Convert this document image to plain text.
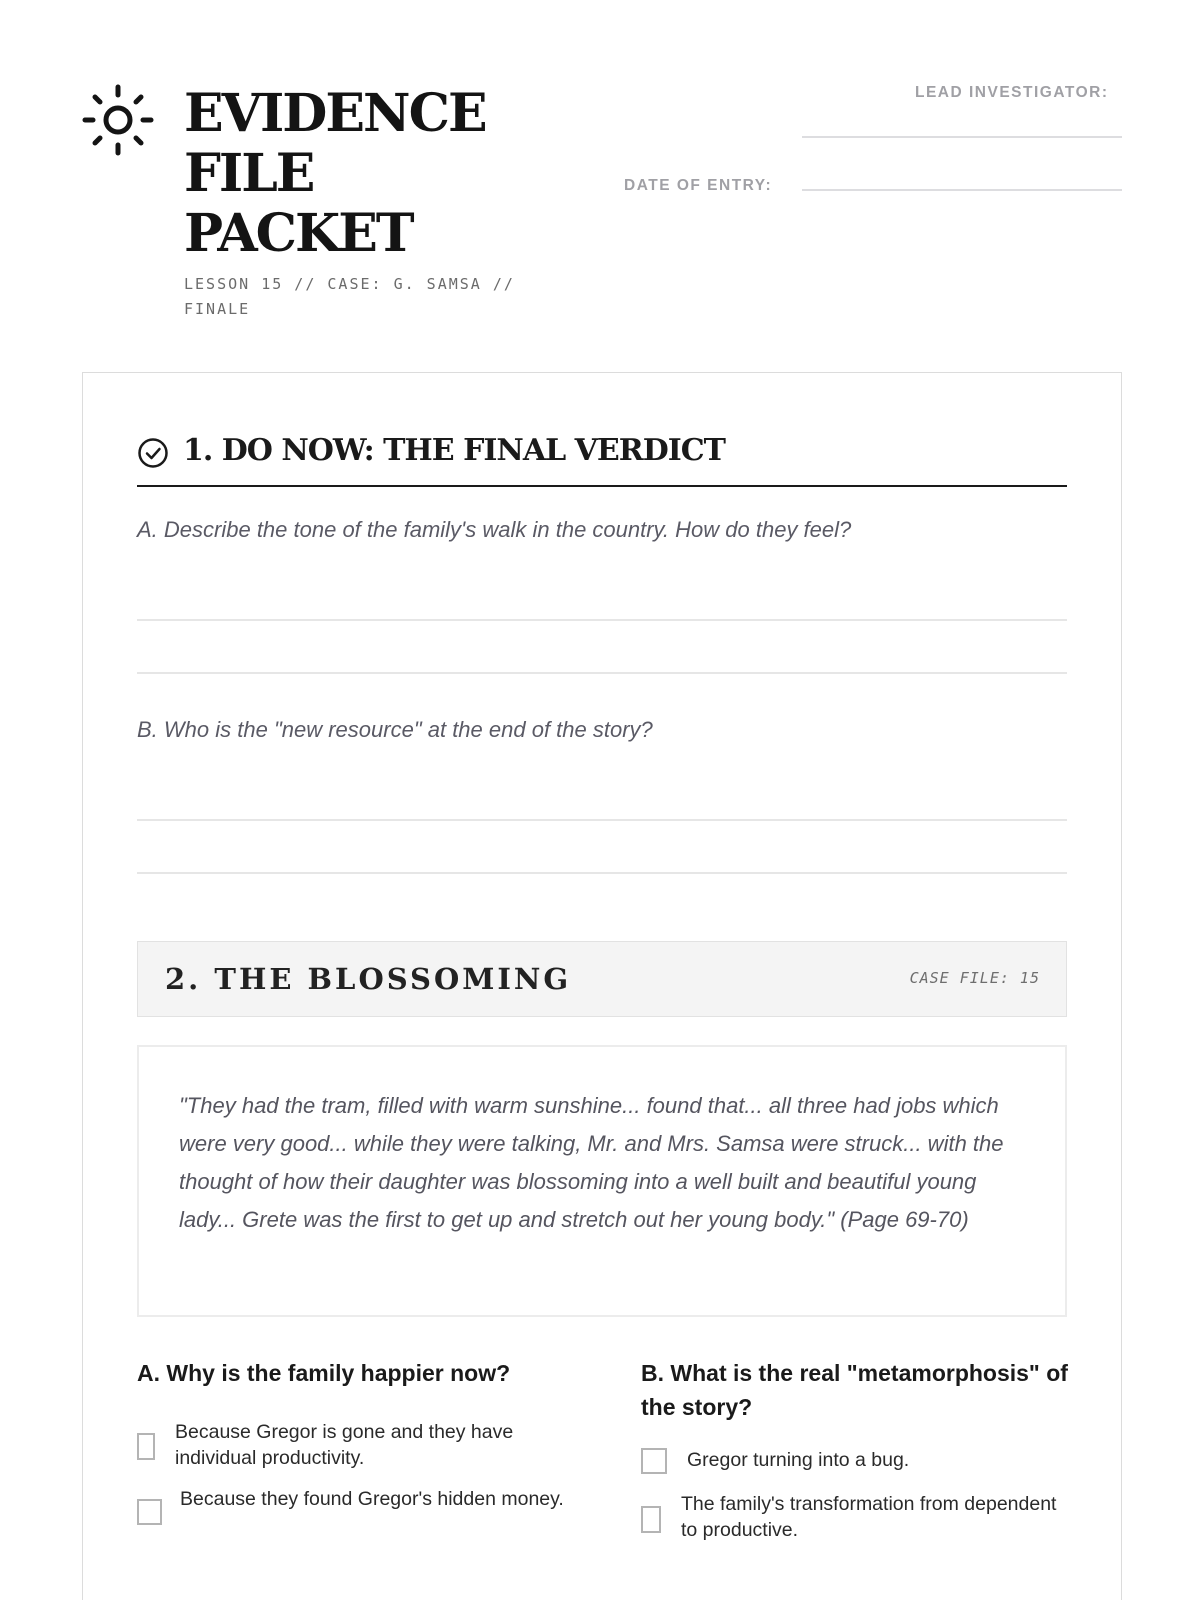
EVIDENCE
FILE
PACKET
LESSON 15 // CASE: G. SAMSA // FINALE
LEAD INVESTIGATOR:
DATE OF ENTRY:
1. DO NOW: THE FINAL VERDICT
A. Describe the tone of the family's walk in the country. How do they feel?
B. Who is the "new resource" at the end of the story?
2. THE BLOSSOMING	CASE FILE: 15
"They had the tram, filled with warm sunshine... found that... all three had jobs which were very good... while they were talking, Mr. and Mrs. Samsa were struck... with the thought of how their daughter was blossoming into a well built and beautiful young lady... Grete was the first to get up and stretch out her young body." (Page 69-70)
A. Why is the family happier now?
Because Gregor is gone and they have individual productivity.
Because they found Gregor's hidden money.
B. What is the real "metamorphosis" of the story?
Gregor turning into a bug.
The family's transformation from dependent to productive.
